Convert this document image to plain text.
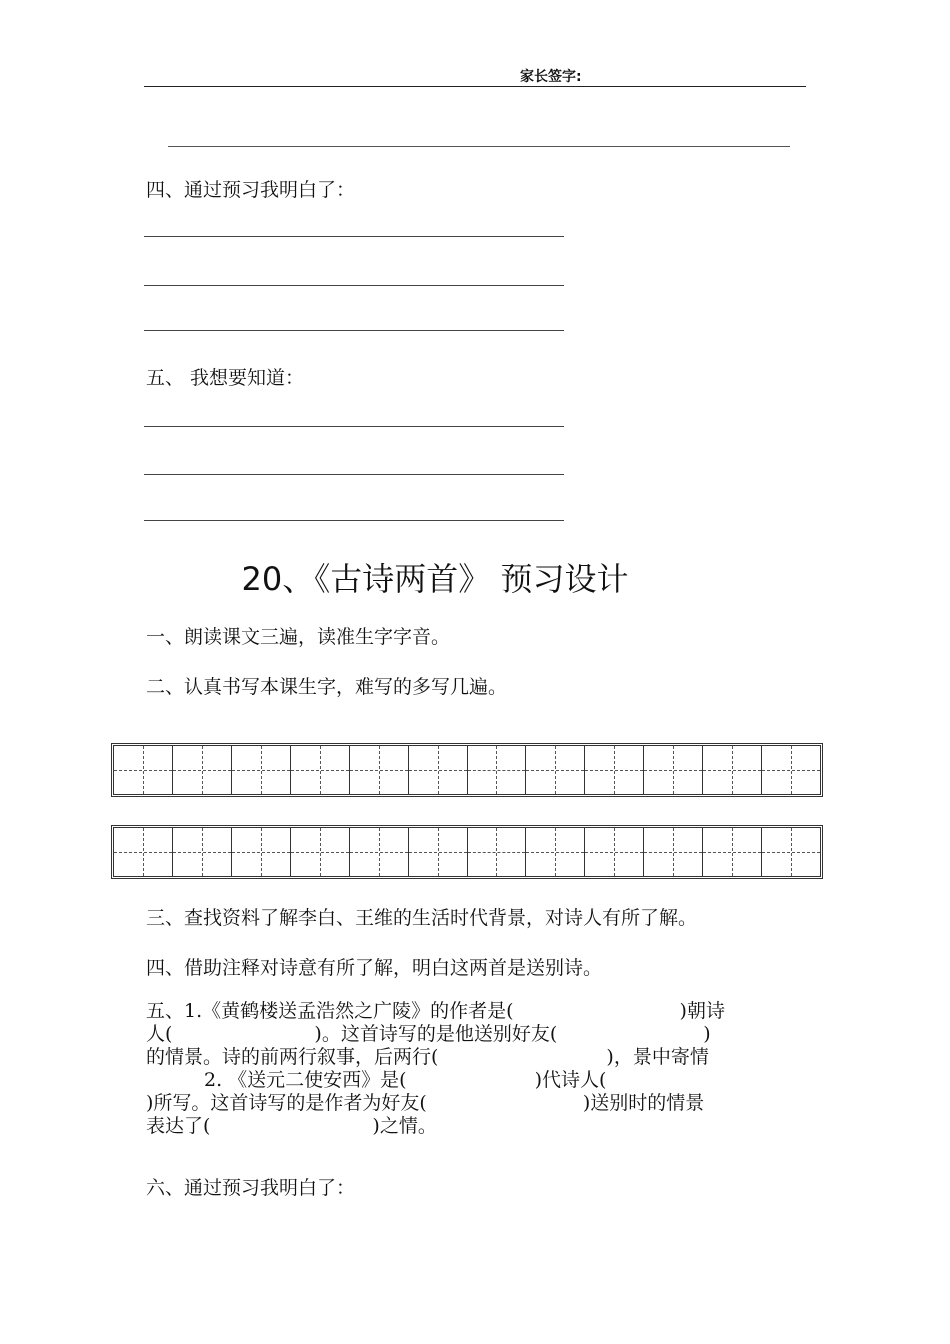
家长签字:
四、通过预习我明白了：
五、 我想要知道：
20、《古诗两首》 预习设计
一、朗读课文三遍，读准生字字音。
二、认真书写本课生字，难写的多写几遍。
三、查找资料了解李白、王维的生活时代背景，对诗人有所了解。
四、借助注释对诗意有所了解，明白这两首是送别诗。
五、1.《黄鹤楼送孟浩然之广陵》的作者是(	)朝诗
人(	)。这首诗写的是他送别好友(	)
的情景。诗的前两行叙事，后两行(	)，景中寄情
2. 《送元二使安西》是(	)代诗人(
)所写。这首诗写的是作者为好友(	)送别时的情景
表达了(	)之情。
六、通过预习我明白了：
